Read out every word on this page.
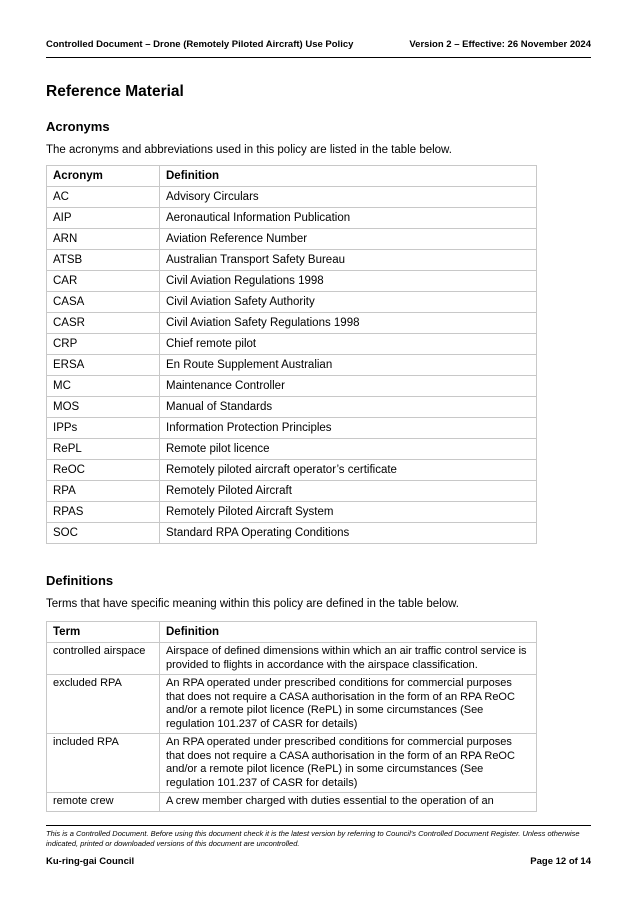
Controlled Document – Drone (Remotely Piloted Aircraft) Use Policy	Version 2 – Effective: 26 November 2024
Reference Material
Acronyms

The acronyms and abbreviations used in this policy are listed in the table below.

Acronym	Definition
AC	Advisory Circulars
AIP	Aeronautical Information Publication
ARN	Aviation Reference Number
ATSB	Australian Transport Safety Bureau
CAR	Civil Aviation Regulations 1998
CASA	Civil Aviation Safety Authority
CASR	Civil Aviation Safety Regulations 1998
CRP	Chief remote pilot
ERSA	En Route Supplement Australian
MC	Maintenance Controller
MOS	Manual of Standards
IPPs	Information Protection Principles
RePL	Remote pilot licence
ReOC	Remotely piloted aircraft operator’s certificate
RPA	Remotely Piloted Aircraft
RPAS	Remotely Piloted Aircraft System
SOC	Standard RPA Operating Conditions
Definitions

Terms that have specific meaning within this policy are defined in the table below.

Term	Definition
controlled airspace	Airspace of defined dimensions within which an air traffic control service is provided to flights in accordance with the airspace classification.
excluded RPA	An RPA operated under prescribed conditions for commercial purposes that does not require a CASA authorisation in the form of an RPA ReOC and/or a remote pilot licence (RePL) in some circumstances (See regulation 101.237 of CASR for details)
included RPA	An RPA operated under prescribed conditions for commercial purposes that does not require a CASA authorisation in the form of an RPA ReOC and/or a remote pilot licence (RePL) in some circumstances (See regulation 101.237 of CASR for details)
remote crew	A crew member charged with duties essential to the operation of an
This is a Controlled Document. Before using this document check it is the latest version by referring to Council’s Controlled Document Register. Unless otherwise indicated, printed or downloaded versions of this document are uncontrolled.
Ku-ring-gai Council	Page 12 of 14
